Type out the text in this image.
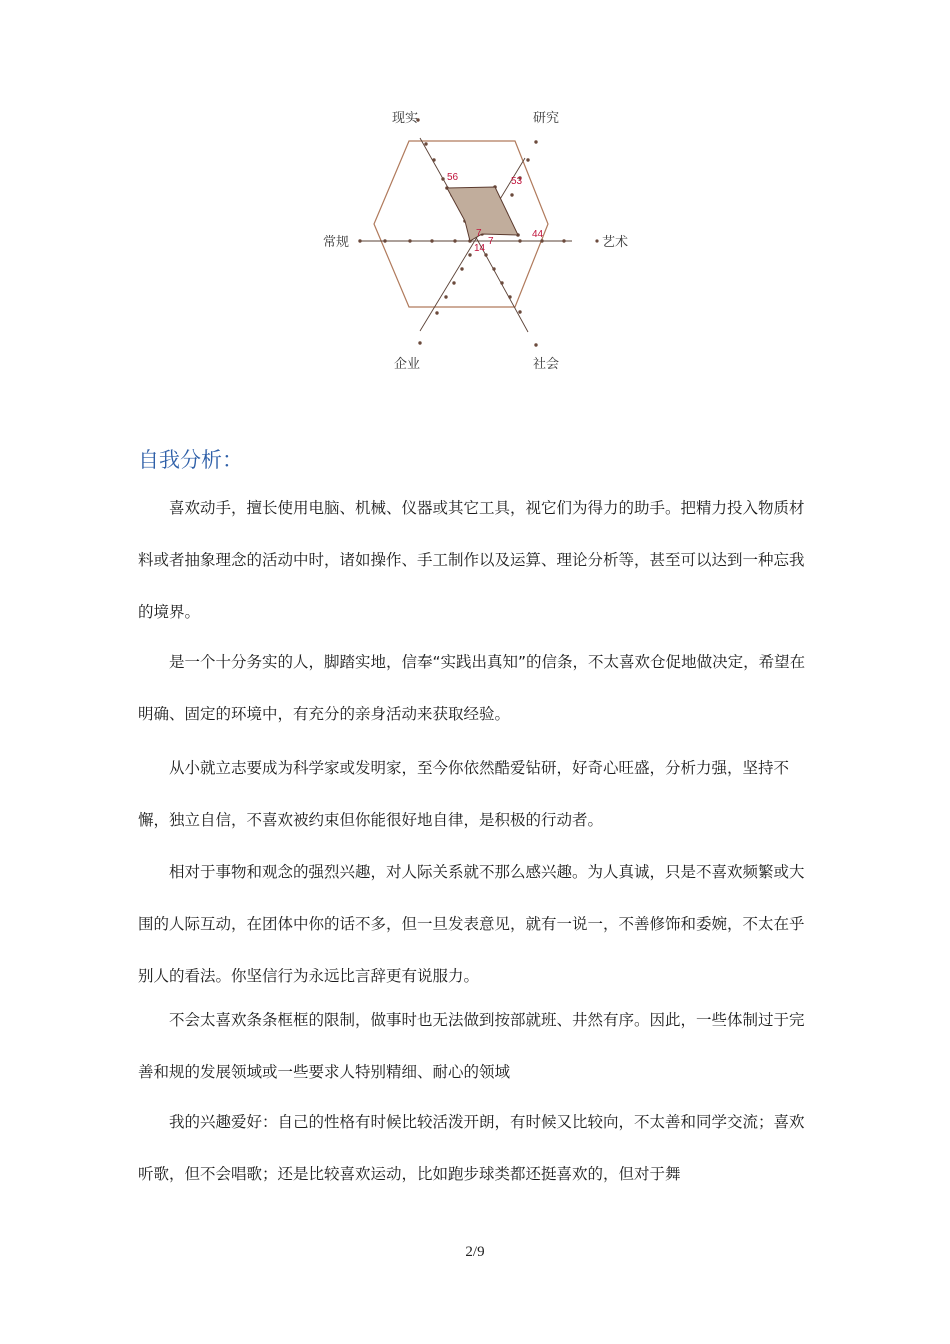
现实	研究
艺术
社会
企业
常规
56	53
44
7
14
7
自我分析：

喜欢动手，擅长使用电脑、机械、仪器或其它工具，视它们为得力的助手。把精力投入物质材料或者抽象理念的活动中时，诸如操作、手工制作以及运算、理论分析等，甚至可以达到一种忘我的境界。

是一个十分务实的人，脚踏实地，信奉“实践出真知”的信条，不太喜欢仓促地做决定，希望在明确、固定的环境中，有充分的亲身活动来获取经验。

从小就立志要成为科学家或发明家，至今你依然酷爱钻研，好奇心旺盛，分析力强，坚持不懈，独立自信，不喜欢被约束但你能很好地自律，是积极的行动者。

相对于事物和观念的强烈兴趣，对人际关系就不那么感兴趣。为人真诚，只是不喜欢频繁或大围的人际互动，在团体中你的话不多，但一旦发表意见，就有一说一，不善修饰和委婉，不太在乎别人的看法。你坚信行为永远比言辞更有说服力。

不会太喜欢条条框框的限制，做事时也无法做到按部就班、井然有序。因此，一些体制过于完善和规的发展领域或一些要求人特别精细、耐心的领域

我的兴趣爱好：自己的性格有时候比较活泼开朗，有时候又比较向，不太善和同学交流；喜欢听歌，但不会唱歌；还是比较喜欢运动，比如跑步球类都还挺喜欢的，但对于舞

2/9
